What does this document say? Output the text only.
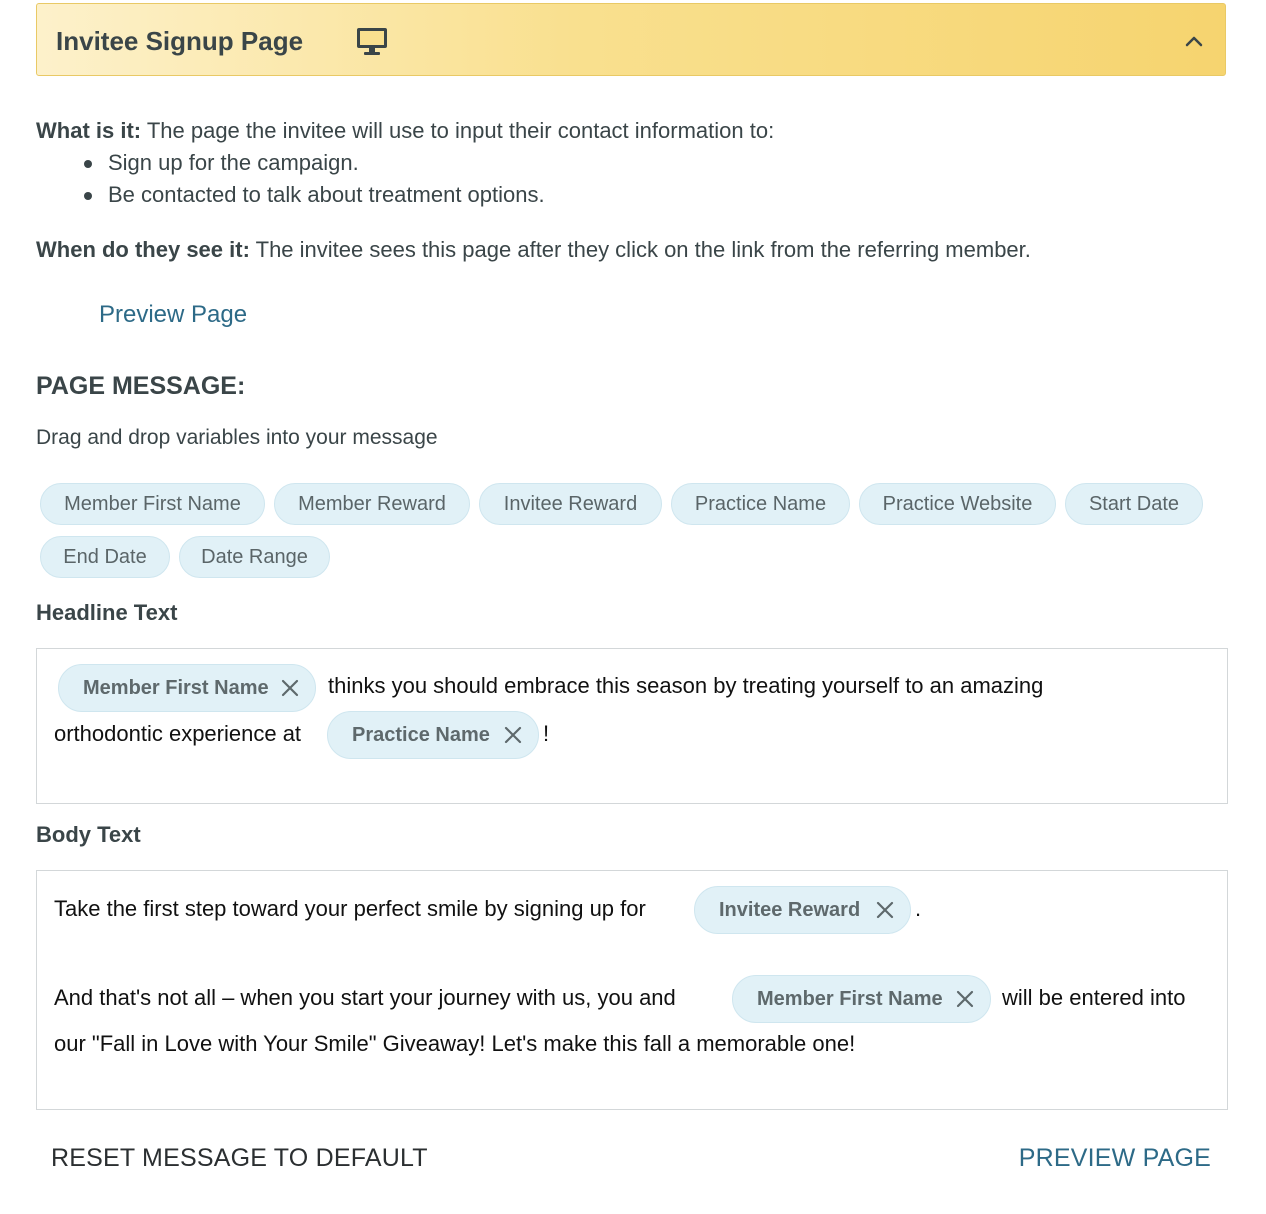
Invitee Signup Page
What is it: The page the invitee will use to input their contact information to:
Sign up for the campaign.
Be contacted to talk about treatment options.
When do they see it: The invitee sees this page after they click on the link from the referring member.
Preview Page
PAGE MESSAGE:
Drag and drop variables into your message
Member First Name	Member Reward	Invitee Reward	Practice Name	Practice Website	Start Date
End Date	Date Range
Headline Text
Member First Name	thinks you should embrace this season by treating yourself to an amazing
orthodontic experience at	Practice Name	!
Body Text
Take the first step toward your perfect smile by signing up for	Invitee Reward	.
And that's not all – when you start your journey with us, you and	Member First Name	will be entered into
our "Fall in Love with Your Smile" Giveaway! Let's make this fall a memorable one!
RESET MESSAGE TO DEFAULT	PREVIEW PAGE
